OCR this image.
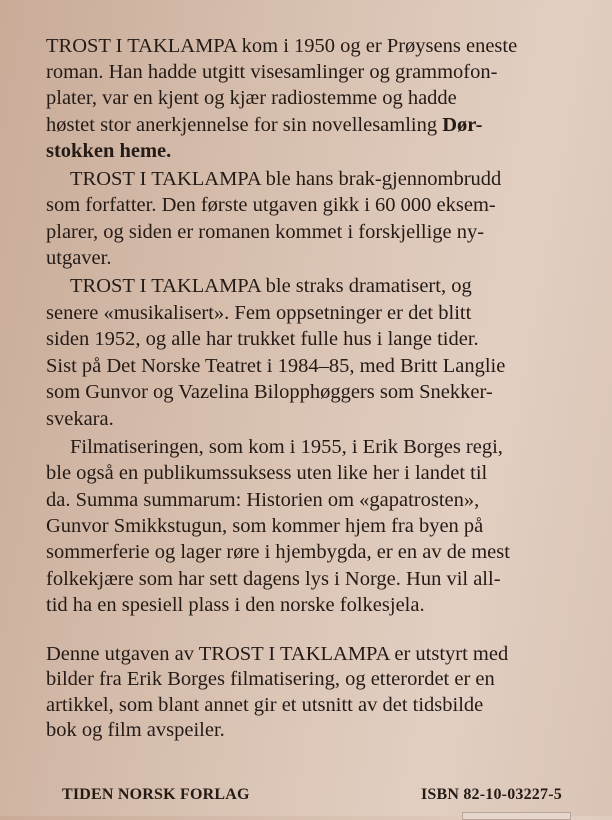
TROST I TAKLAMPA kom i 1950 og er Prøysens eneste
roman. Han hadde utgitt visesamlinger og grammofon-
plater, var en kjent og kjær radiostemme og hadde
høstet stor anerkjennelse for sin novellesamling Dør-
stokken heme.
TROST I TAKLAMPA ble hans brak-gjennombrudd
som forfatter. Den første utgaven gikk i 60 000 eksem-
plarer, og siden er romanen kommet i forskjellige ny-
utgaver.
TROST I TAKLAMPA ble straks dramatisert, og
senere «musikalisert». Fem oppsetninger er det blitt
siden 1952, og alle har trukket fulle hus i lange tider.
Sist på Det Norske Teatret i 1984–85, med Britt Langlie
som Gunvor og Vazelina Bilopphøggers som Snekker-
svekara.
Filmatiseringen, som kom i 1955, i Erik Borges regi,
ble også en publikumssuksess uten like her i landet til
da. Summa summarum: Historien om «gapatrosten»,
Gunvor Smikkstugun, som kommer hjem fra byen på
sommerferie og lager røre i hjembygda, er en av de mest
folkekjære som har sett dagens lys i Norge. Hun vil all-
tid ha en spesiell plass i den norske folkesjela.
Denne utgaven av TROST I TAKLAMPA er utstyrt med
bilder fra Erik Borges filmatisering, og etterordet er en
artikkel, som blant annet gir et utsnitt av det tidsbilde
bok og film avspeiler.
TIDEN NORSK FORLAG	ISBN 82-10-03227-5
